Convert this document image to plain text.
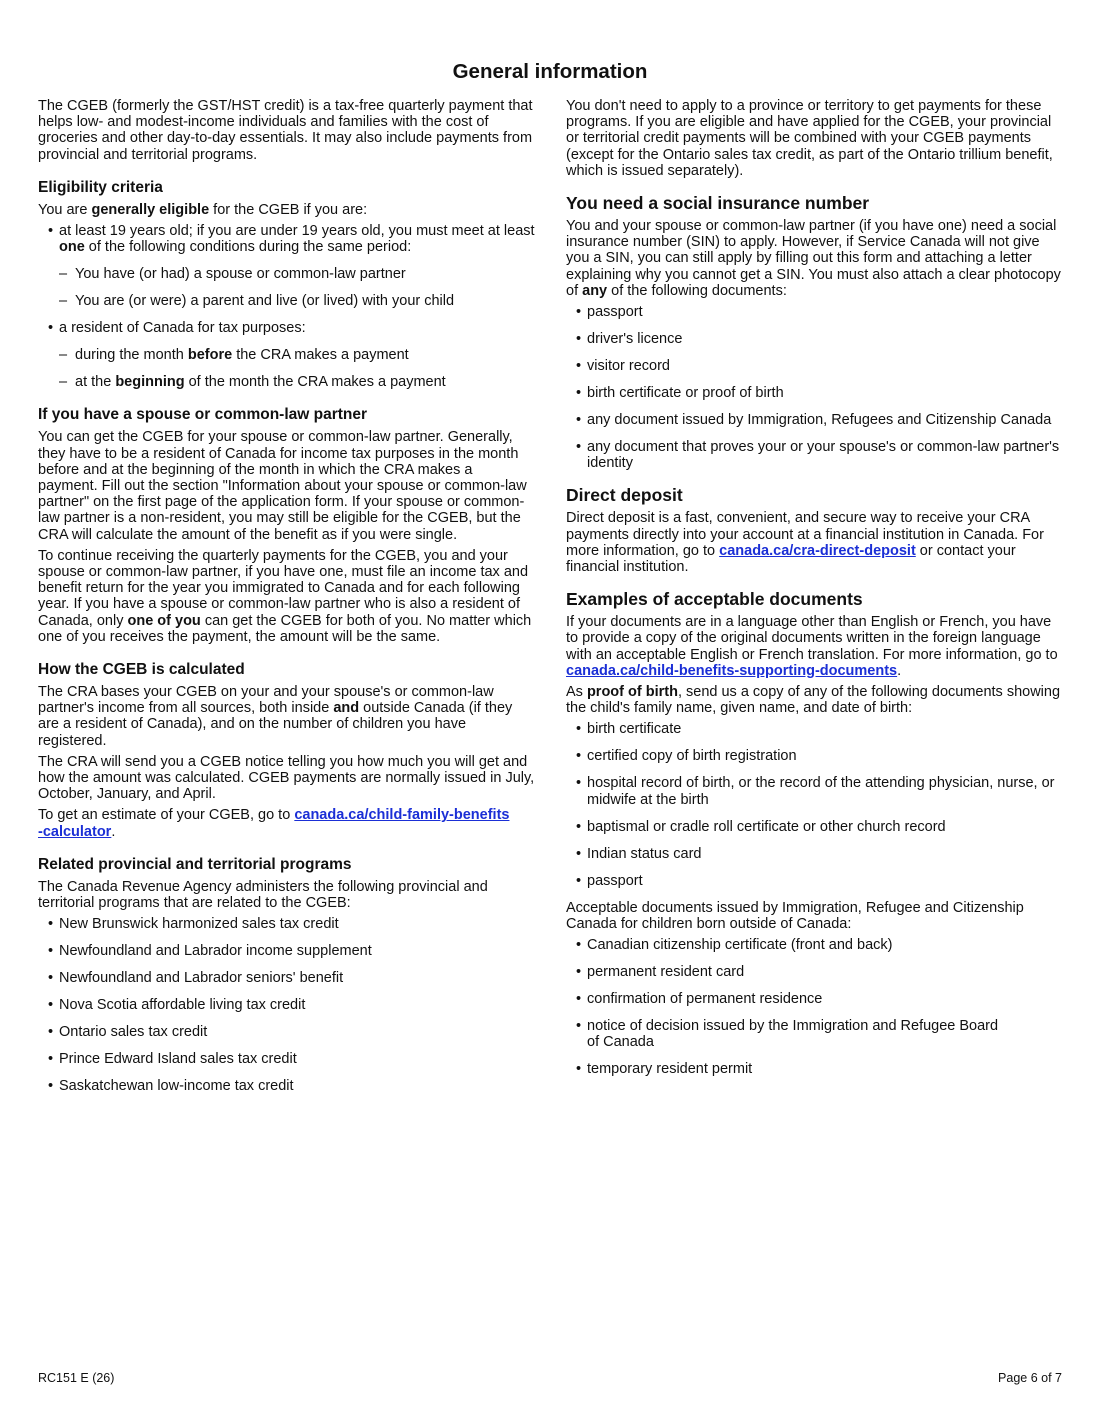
General information

The CGEB (formerly the GST/HST credit) is a tax-free quarterly payment that helps low- and modest-income individuals and families with the cost of groceries and other day-to-day essentials. It may also include payments from provincial and territorial programs.

Eligibility criteria

You are generally eligible for the CGEB if you are:

• at least 19 years old; if you are under 19 years old, you must meet at least one of the following conditions during the same period:
– You have (or had) a spouse or common-law partner
– You are (or were) a parent and live (or lived) with your child
• a resident of Canada for tax purposes:
– during the month before the CRA makes a payment
– at the beginning of the month the CRA makes a payment
If you have a spouse or common-law partner

You can get the CGEB for your spouse or common-law partner. Generally, they have to be a resident of Canada for income tax purposes in the month before and at the beginning of the month in which the CRA makes a payment. Fill out the section "Information about your spouse or common-law partner" on the first page of the application form. If your spouse or common-law partner is a non-resident, you may still be eligible for the CGEB, but the CRA will calculate the amount of the benefit as if you were single.

To continue receiving the quarterly payments for the CGEB, you and your spouse or common-law partner, if you have one, must file an income tax and benefit return for the year you immigrated to Canada and for each following year. If you have a spouse or common-law partner who is also a resident of Canada, only one of you can get the CGEB for both of you. No matter which one of you receives the payment, the amount will be the same.

How the CGEB is calculated

The CRA bases your CGEB on your and your spouse's or common-law partner's income from all sources, both inside and outside Canada (if they are a resident of Canada), and on the number of children you have registered.

The CRA will send you a CGEB notice telling you how much you will get and how the amount was calculated. CGEB payments are normally issued in July, October, January, and April.

To get an estimate of your CGEB, go to canada.ca/child-family-benefits
-calculator.

Related provincial and territorial programs

The Canada Revenue Agency administers the following provincial and territorial programs that are related to the CGEB:

• New Brunswick harmonized sales tax credit
• Newfoundland and Labrador income supplement
• Newfoundland and Labrador seniors' benefit
• Nova Scotia affordable living tax credit
• Ontario sales tax credit
• Prince Edward Island sales tax credit
• Saskatchewan low-income tax credit

You don't need to apply to a province or territory to get payments for these programs. If you are eligible and have applied for the CGEB, your provincial or territorial credit payments will be combined with your CGEB payments (except for the Ontario sales tax credit, as part of the Ontario trillium benefit, which is issued separately).

You need a social insurance number

You and your spouse or common-law partner (if you have one) need a social insurance number (SIN) to apply. However, if Service Canada will not give you a SIN, you can still apply by filling out this form and attaching a letter explaining why you cannot get a SIN. You must also attach a clear photocopy of any of the following documents:

• passport
• driver's licence
• visitor record
• birth certificate or proof of birth
• any document issued by Immigration, Refugees and Citizenship Canada
• any document that proves your or your spouse's or common-law partner's identity
Direct deposit

Direct deposit is a fast, convenient, and secure way to receive your CRA payments directly into your account at a financial institution in Canada. For more information, go to canada.ca/cra-direct-deposit or contact your financial institution.

Examples of acceptable documents

If your documents are in a language other than English or French, you have to provide a copy of the original documents written in the foreign language with an acceptable English or French translation. For more information, go to canada.ca/child-benefits-supporting-documents.

As proof of birth, send us a copy of any of the following documents showing the child's family name, given name, and date of birth:

• birth certificate
• certified copy of birth registration
• hospital record of birth, or the record of the attending physician, nurse, or midwife at the birth
• baptismal or cradle roll certificate or other church record
• Indian status card
• passport

Acceptable documents issued by Immigration, Refugee and Citizenship Canada for children born outside of Canada:

• Canadian citizenship certificate (front and back)
• permanent resident card
• confirmation of permanent residence
• notice of decision issued by the Immigration and Refugee Board
of Canada
• temporary resident permit
RC151 E (26)	Page 6 of 7
